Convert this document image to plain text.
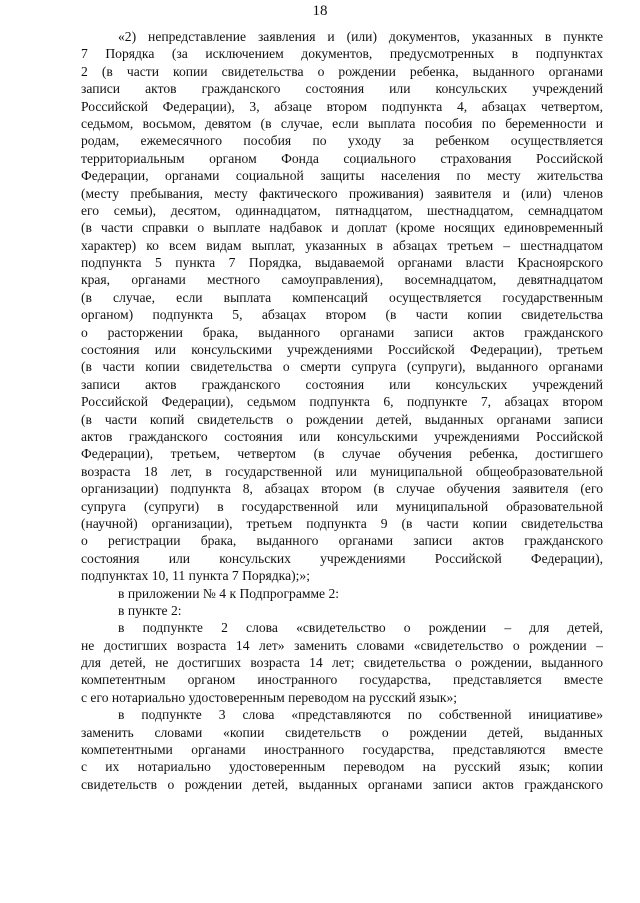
18
«2) непредставление заявления и (или) документов, указанных в пункте
7 Порядка (за исключением документов, предусмотренных в подпунктах
2 (в части копии свидетельства о рождении ребенка, выданного органами
записи актов гражданского состояния или консульских учреждений
Российской Федерации), 3, абзаце втором подпункта 4, абзацах четвертом,
седьмом, восьмом, девятом (в случае, если выплата пособия по беременности и
родам, ежемесячного пособия по уходу за ребенком осуществляется
территориальным органом Фонда социального страхования Российской
Федерации, органами социальной защиты населения по месту жительства
(месту пребывания, месту фактического проживания) заявителя и (или) членов
его семьи), десятом, одиннадцатом, пятнадцатом, шестнадцатом, семнадцатом
(в части справки о выплате надбавок и доплат (кроме носящих единовременный
характер) ко всем видам выплат, указанных в абзацах третьем – шестнадцатом
подпункта 5 пункта 7 Порядка, выдаваемой органами власти Красноярского
края, органами местного самоуправления), восемнадцатом, девятнадцатом
(в случае, если выплата компенсаций осуществляется государственным
органом) подпункта 5, абзацах втором (в части копии свидетельства
о расторжении брака, выданного органами записи актов гражданского
состояния или консульскими учреждениями Российской Федерации), третьем
(в части копии свидетельства о смерти супруга (супруги), выданного органами
записи актов гражданского состояния или консульских учреждений
Российской Федерации), седьмом подпункта 6, подпункте 7, абзацах втором
(в части копий свидетельств о рождении детей, выданных органами записи
актов гражданского состояния или консульскими учреждениями Российской
Федерации), третьем, четвертом (в случае обучения ребенка, достигшего
возраста 18 лет, в государственной или муниципальной общеобразовательной
организации) подпункта 8, абзацах втором (в случае обучения заявителя (его
супруга (супруги) в государственной или муниципальной образовательной
(научной) организации), третьем подпункта 9 (в части копии свидетельства
о регистрации брака, выданного органами записи актов гражданского
состояния или консульских учреждениями Российской Федерации),
подпунктах 10, 11 пункта 7 Порядка);»;
в приложении № 4 к Подпрограмме 2:
в пункте 2:
в подпункте 2 слова «свидетельство о рождении – для детей,
не достигших возраста 14 лет» заменить словами «свидетельство о рождении –
для детей, не достигших возраста 14 лет; свидетельства о рождении, выданного
компетентным органом иностранного государства, представляется вместе
с его нотариально удостоверенным переводом на русский язык»;
в подпункте 3 слова «представляются по собственной инициативе»
заменить словами «копии свидетельств о рождении детей, выданных
компетентными органами иностранного государства, представляются вместе
с их нотариально удостоверенным переводом на русский язык; копии
свидетельств о рождении детей, выданных органами записи актов гражданского
